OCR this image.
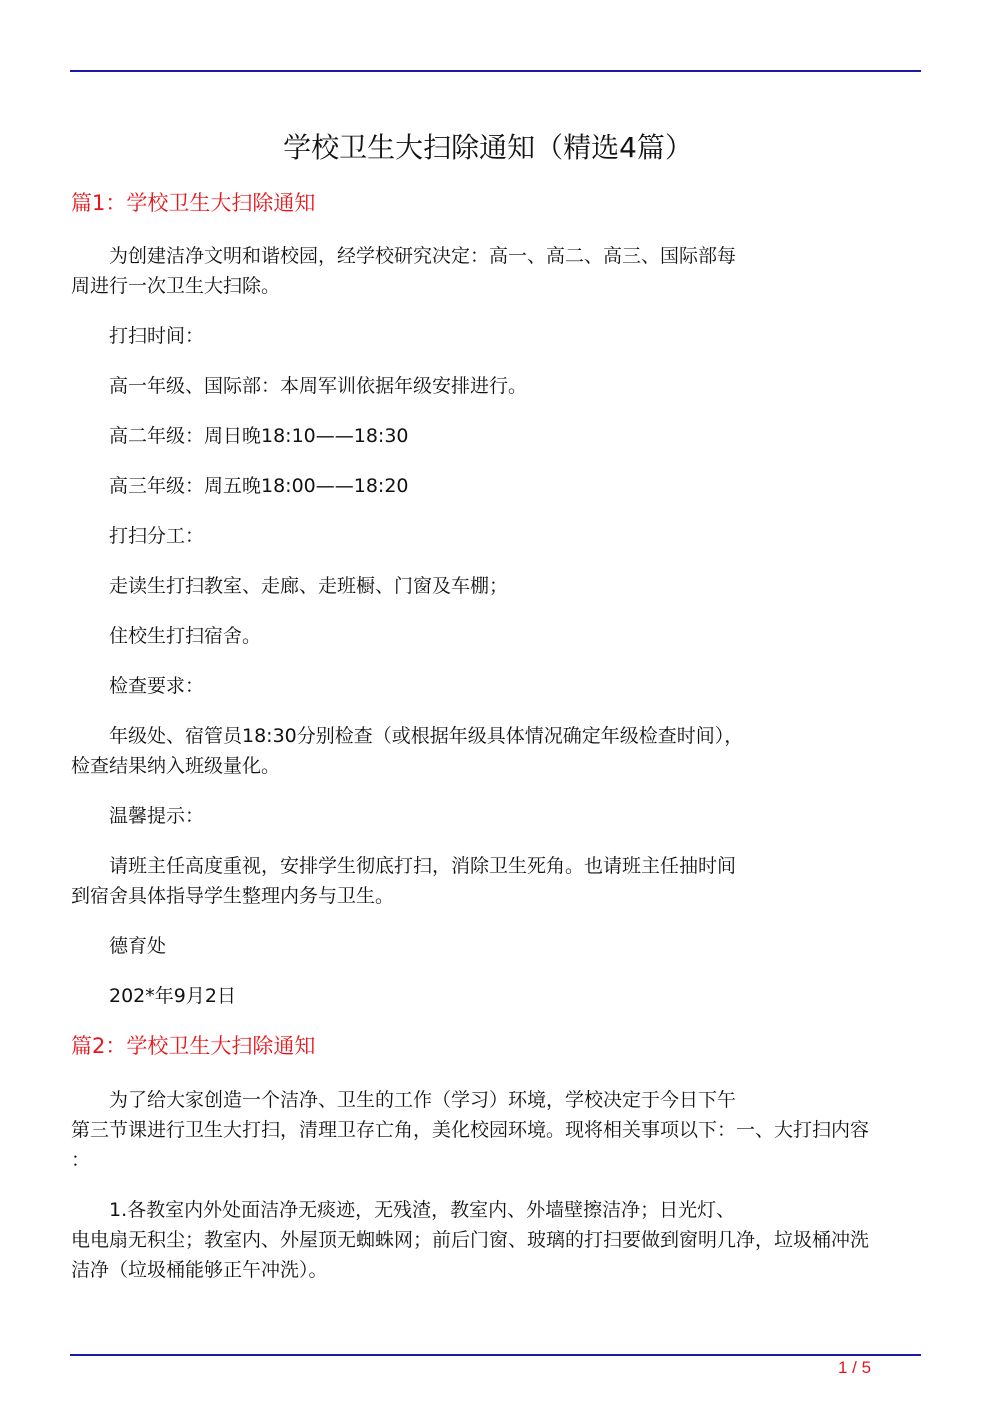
学校卫生大扫除通知（精选4篇）
篇1：学校卫生大扫除通知
为创建洁净文明和谐校园，经学校研究决定：高一、高二、高三、国际部每
周进行一次卫生大扫除。
打扫时间：
高一年级、国际部：本周军训依据年级安排进行。
高二年级：周日晚18:10——18:30
高三年级：周五晚18:00——18:20
打扫分工：
走读生打扫教室、走廊、走班橱、门窗及车棚；
住校生打扫宿舍。
检查要求：
年级处、宿管员18:30分别检查（或根据年级具体情况确定年级检查时间），
检查结果纳入班级量化。
温馨提示：
请班主任高度重视，安排学生彻底打扫，消除卫生死角。也请班主任抽时间
到宿舍具体指导学生整理内务与卫生。
德育处
202*年9月2日
篇2：学校卫生大扫除通知
为了给大家创造一个洁净、卫生的工作（学习）环境，学校决定于今日下午
第三节课进行卫生大打扫，清理卫存亡角，美化校园环境。现将相关事项以下：一、大打扫内容
：
1.各教室内外处面洁净无痰迹，无残渣，教室内、外墙壁擦洁净；日光灯、
电电扇无积尘；教室内、外屋顶无蜘蛛网；前后门窗、玻璃的打扫要做到窗明几净，垃圾桶冲洗
洁净（垃圾桶能够正午冲洗）。
1 / 5
